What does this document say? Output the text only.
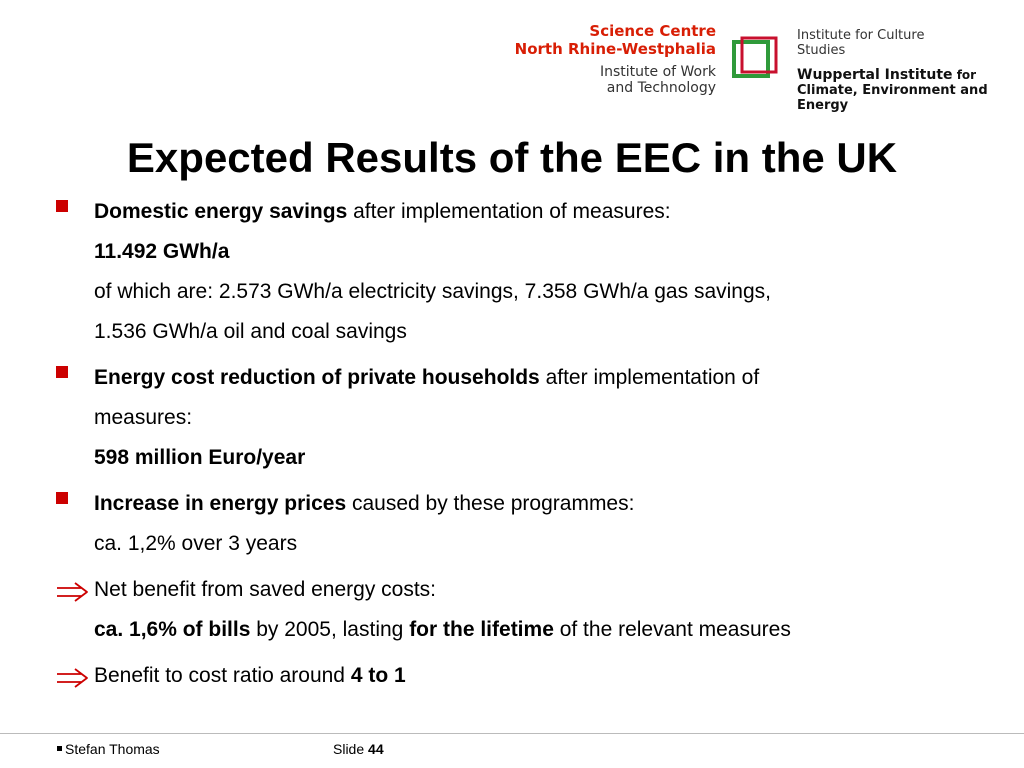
Science Centre
North Rhine-Westphalia
Institute of Work
and Technology
Institute for Culture Studies
Wuppertal Institute for
Climate, Environment and Energy
Expected Results of the EEC in the UK
Domestic energy savings after implementation of measures:
11.492 GWh/a
of which are: 2.573 GWh/a electricity savings, 7.358 GWh/a gas savings,
1.536 GWh/a oil and coal savings
Energy cost reduction of private households after implementation of
measures:
598 million Euro/year
Increase in energy prices caused by these programmes:
ca. 1,2% over 3 years
Net benefit from saved energy costs:
ca. 1,6% of bills by 2005, lasting for the lifetime of the relevant measures
Benefit to cost ratio around 4 to 1
Stefan Thomas	Slide 44
